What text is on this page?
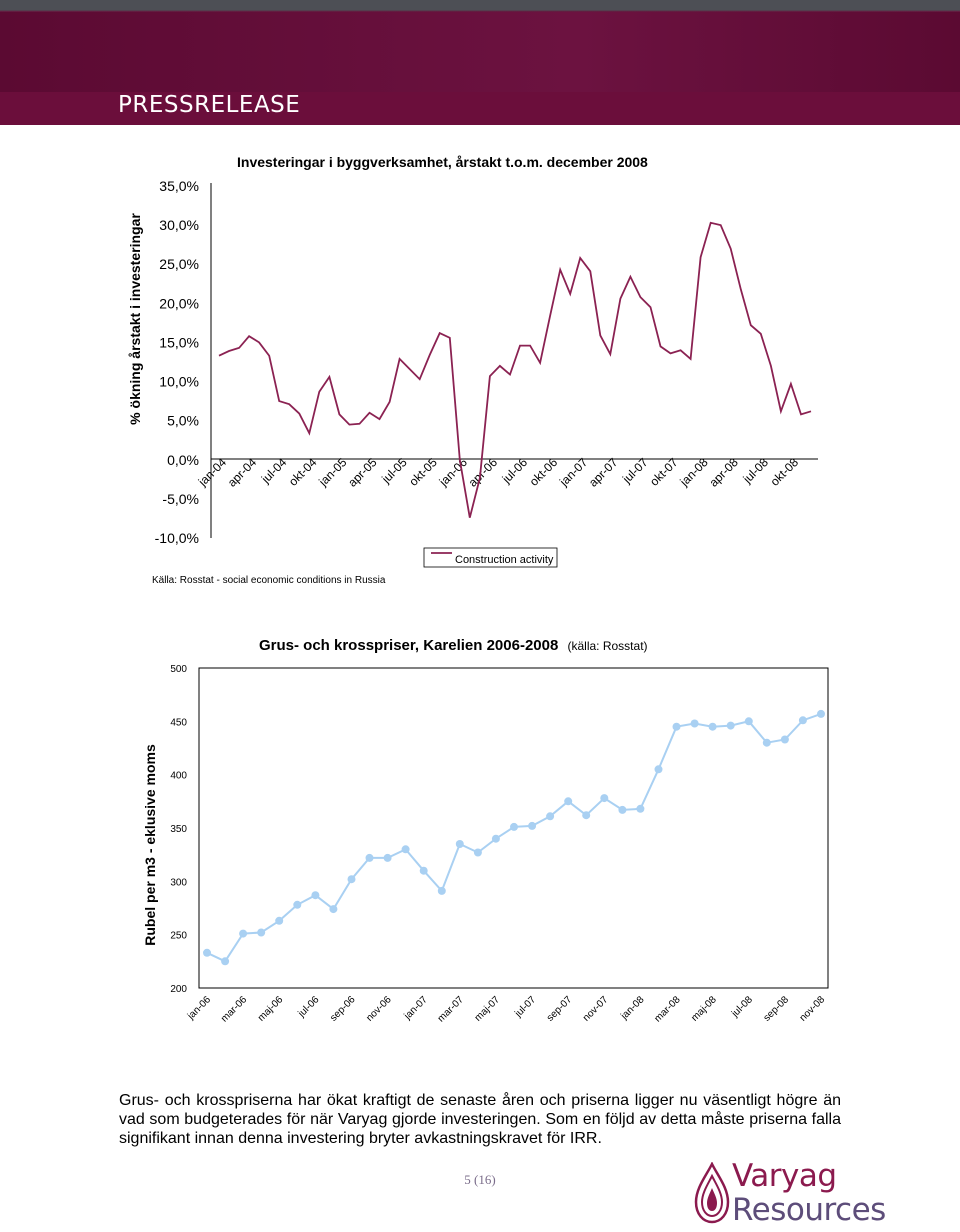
PRESSRELEASE
Investeringar i byggverksamhet, årstakt t.o.m. december 2008
% ökning årstakt i investeringar
35,0%
30,0%
25,0%
20,0%
15,0%
10,0%
5,0%
0,0%
-5,0%
-10,0%
jan-04
apr-04 jul-04
okt-04
jan-05
apr-05 jul-05
okt-05
jan-06
apr-06 jul-06
okt-06
jan-07
apr-07 jul-07
okt-07
jan-08
apr-08 jul-08
okt-08
Construction activity
Källa: Rosstat - social economic conditions in Russia
Grus- och krosspriser, Karelien 2006-2008 (källa: Rosstat)
Rubel per m3 - eklusive moms
500
450
400
350
300
250
200
jan-06 mar-06 maj-06 jul-06 sep-06 nov-06 jan-07 mar-07 maj-07 jul-07 sep-07 nov-07 jan-08 mar-08 maj-08 jul-08 sep-08 nov-08
Grus- och krosspriserna har ökat kraftigt de senaste åren och priserna ligger nu väsentligt högre än vad som budgeterades för när Varyag gjorde investeringen. Som en följd av detta måste priserna falla signifikant innan denna investering bryter avkastningskravet för IRR.
5 (16)	Varyag
Resources
